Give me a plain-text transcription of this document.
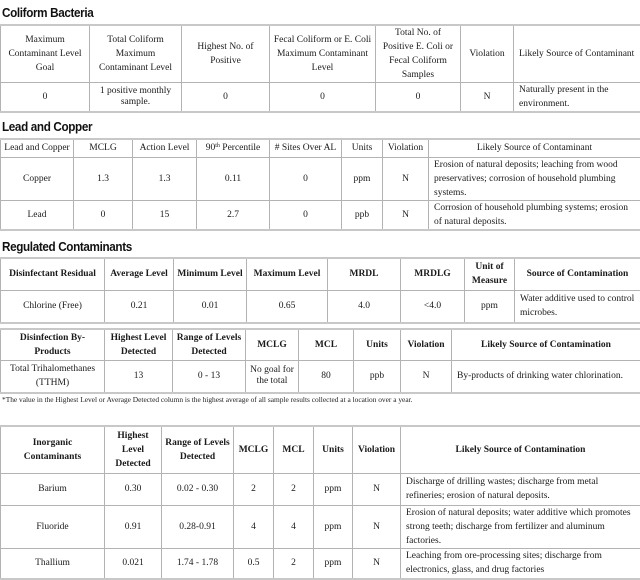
Coliform Bacteria
Maximum Contaminant Level Goal	Total Coliform Maximum Contaminant Level	Highest No. of Positive	Fecal Coliform or E. Coli Maximum Contaminant Level	Total No. of Positive E. Coli or Fecal Coliform Samples	Violation	Likely Source of Contaminant
0	1 positive monthly sample.	0	0	0	N	Naturally present in the environment.
Lead and Copper
Lead and Copper	MCLG	Action Level	90th Percentile	# Sites Over AL	Units	Violation	Likely Source of Contaminant
Copper	1.3	1.3	0.11	0	ppm	N	Erosion of natural deposits; leaching from wood preservatives; corrosion of household plumbing systems.
Lead	0	15	2.7	0	ppb	N	Corrosion of household plumbing systems; erosion of natural deposits.
Regulated Contaminants
Disinfectant Residual	Average Level	Minimum Level	Maximum Level	MRDL	MRDLG	Unit of Measure	Source of Contamination
Chlorine (Free)	0.21	0.01	0.65	4.0	<4.0	ppm	Water additive used to control microbes.
Disinfection By-Products	Highest Level Detected	Range of Levels Detected	MCLG	MCL	Units	Violation	Likely Source of Contamination
Total Trihalomethanes (TTHM)	13	0 - 13	No goal for the total	80	ppb	N	By-products of drinking water chlorination.
*The value in the Highest Level or Average Detected column is the highest average of all sample results collected at a location over a year.
Inorganic Contaminants	Highest Level Detected	Range of Levels Detected	MCLG	MCL	Units	Violation	Likely Source of Contamination
Barium	0.30	0.02 - 0.30	2	2	ppm	N	Discharge of drilling wastes; discharge from metal refineries; erosion of natural deposits.
Fluoride	0.91	0.28-0.91	4	4	ppm	N	Erosion of natural deposits; water additive which promotes strong teeth; discharge from fertilizer and aluminum factories.
Thallium	0.021	1.74 - 1.78	0.5	2	ppm	N	Leaching from ore-processing sites; discharge from electronics, glass, and drug factories
